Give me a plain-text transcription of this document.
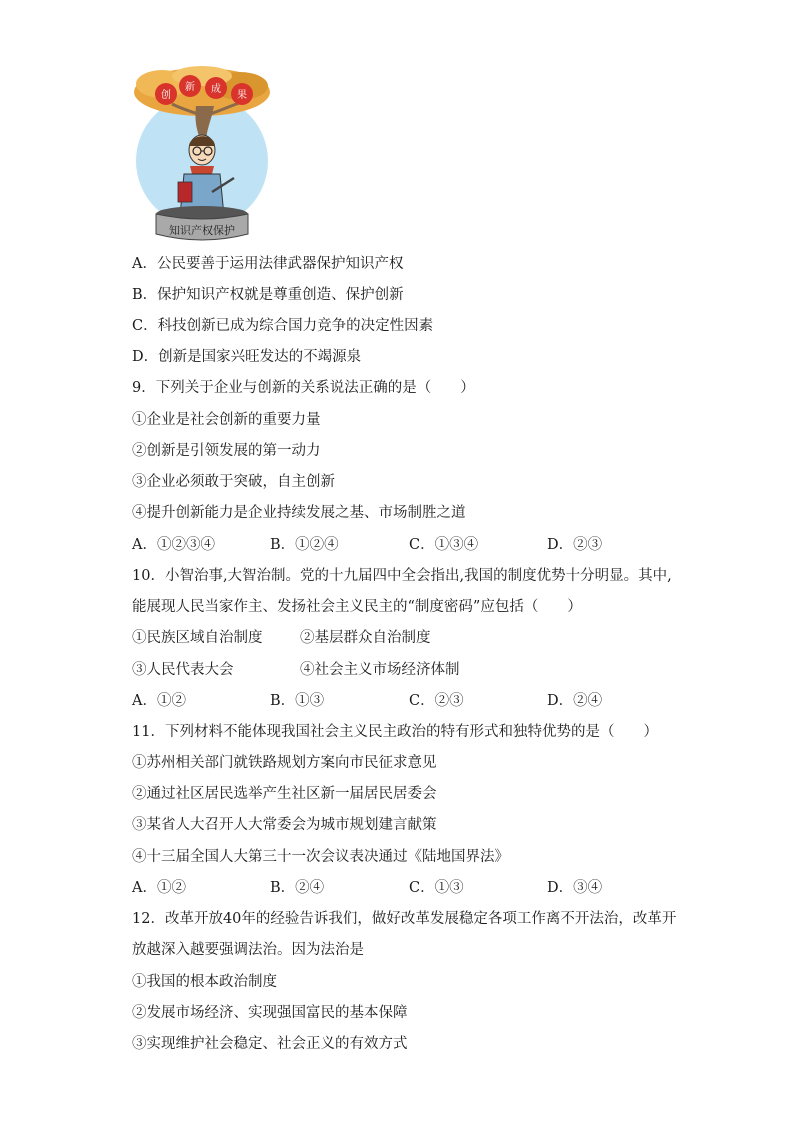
创
新 成
果
知识产权保护
A．公民要善于运用法律武器保护知识产权
B．保护知识产权就是尊重创造、保护创新
C．科技创新已成为综合国力竞争的决定性因素
D．创新是国家兴旺发达的不竭源泉
9．下列关于企业与创新的关系说法正确的是（　　）
①企业是社会创新的重要力量
②创新是引领发展的第一动力
③企业必须敢于突破，自主创新
④提升创新能力是企业持续发展之基、市场制胜之道
A．①②③④	B．①②④	C．①③④	D．②③
10．小智治事,大智治制。党的十九届四中全会指出,我国的制度优势十分明显。其中,
能展现人民当家作主、发扬社会主义民主的“制度密码”应包括（　　）
①民族区域自治制度	②基层群众自治制度
③人民代表大会	④社会主义市场经济体制
A．①②	B．①③	C．②③	D．②④
11．下列材料不能体现我国社会主义民主政治的特有形式和独特优势的是（　　）
①苏州相关部门就铁路规划方案向市民征求意见
②通过社区居民选举产生社区新一届居民居委会
③某省人大召开人大常委会为城市规划建言献策
④十三届全国人大第三十一次会议表决通过《陆地国界法》
A．①②	B．②④	C．①③	D．③④
12．改革开放40年的经验告诉我们，做好改革发展稳定各项工作离不开法治，改革开
放越深入越要强调法治。因为法治是
①我国的根本政治制度
②发展市场经济、实现强国富民的基本保障
③实现维护社会稳定、社会正义的有效方式
